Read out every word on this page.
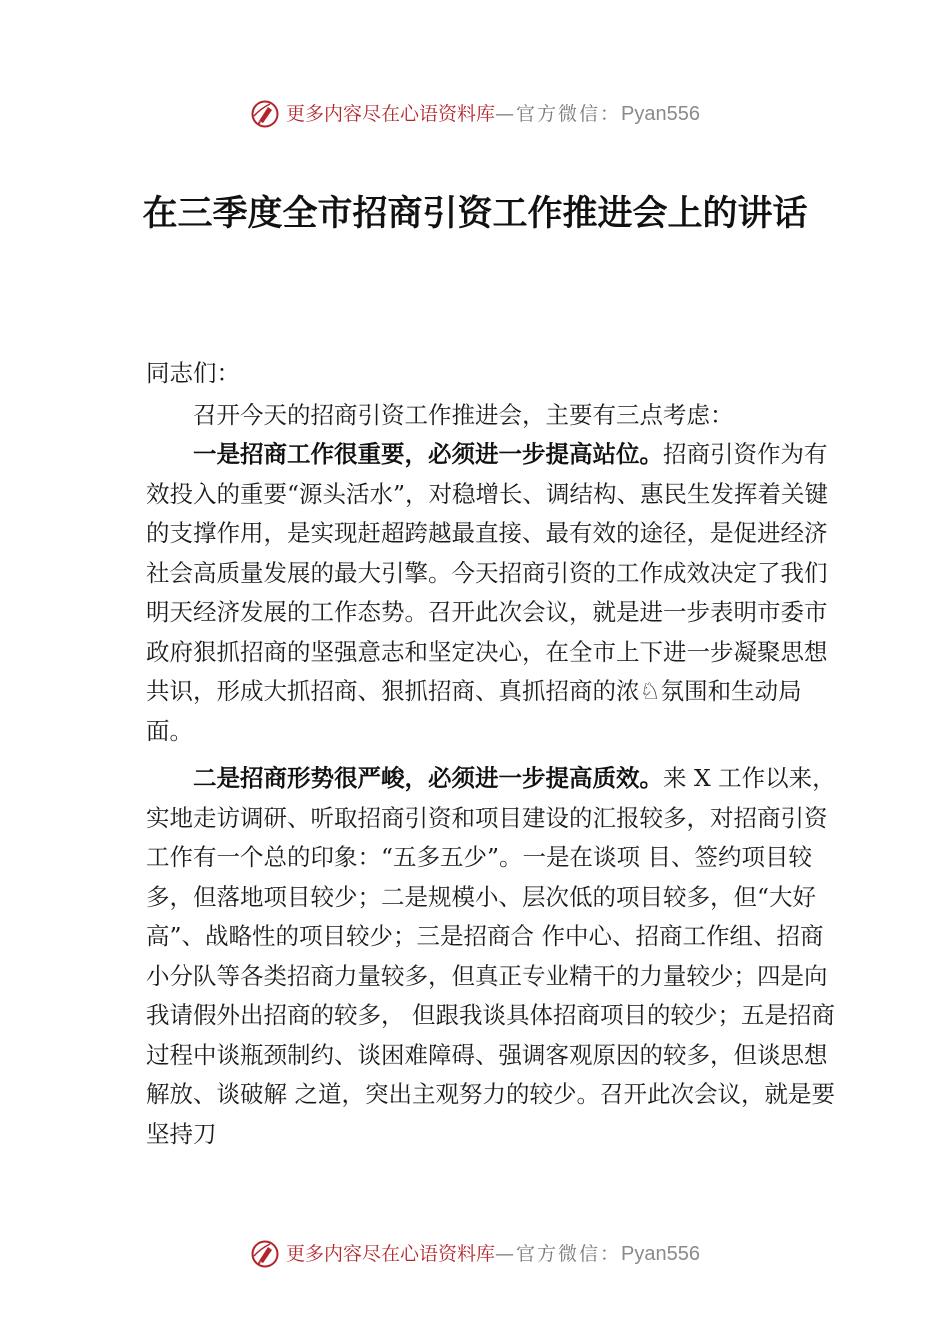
更多内容尽在心语资料库—官方微信：Pyan556
在三季度全市招商引资工作推进会上的讲话

同志们：

召开今天的招商引资工作推进会，主要有三点考虑：

一是招商工作很重要，必须进一步提高站位。招商引资作为有效投入的重要“源头活水”，对稳增长、调结构、惠民生发挥着关键的支撑作用，是实现赶超跨越最直接、最有效的途径，是促进经济社会高质量发展的最大引擎。今天招商引资的工作成效决定了我们明天经济发展的工作态势。召开此次会议，就是进一步表明市委市政府狠抓招商的坚强意志和坚定决心，在全市上下进一步凝聚思想共识，形成大抓招商、狠抓招商、真抓招商的浓♘氛围和生动局面。

二是招商形势很严峻，必须进一步提高质效。来 X 工作以来，实地走访调研、听取招商引资和项目建设的汇报较多，对招商引资工作有一个总的印象：“五多五少”。一是在谈项 目、签约项目较多，但落地项目较少；二是规模小、层次低的项目较多，但“大好高”、战略性的项目较少；三是招商合 作中心、招商工作组、招商小分队等各类招商力量较多，但真正专业精干的力量较少；四是向我请假外出招商的较多， 但跟我谈具体招商项目的较少；五是招商过程中谈瓶颈制约、谈困难障碍、强调客观原因的较多，但谈思想解放、谈破解 之道，突出主观努力的较少。召开此次会议，就是要坚持刀

更多内容尽在心语资料库—官方微信：Pyan556
